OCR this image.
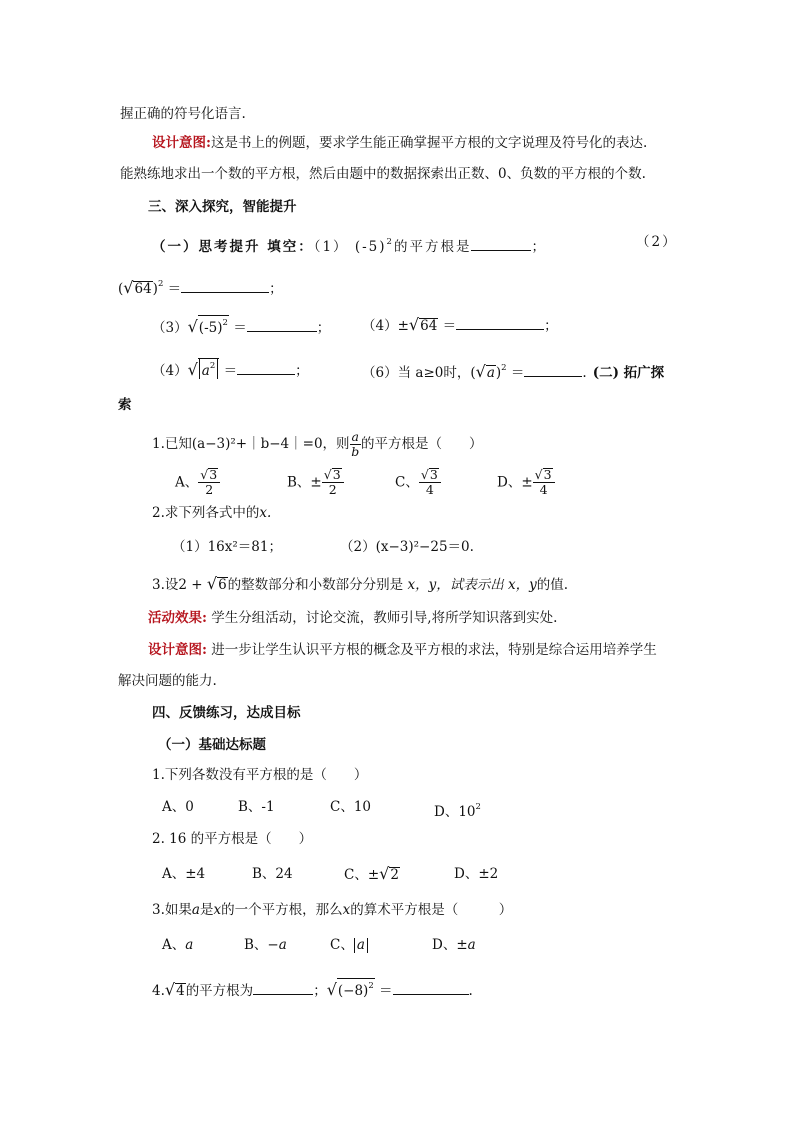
握正确的符号化语言.
设计意图:这是书上的例题，要求学生能正确掌握平方根的文字说理及符号化的表达.
能熟练地求出一个数的平方根，然后由题中的数据探索出正数、0、负数的平方根的个数.
三、深入探究，智能提升
（一）思考提升 填空：（1） $(-5)^2$的平方根是	；	（2）
$(√64)^2$ ＝	；
$(3)√(-5)^2$ ＝	； （4）±√64 ＝	；
（4）√ $a^2$ ＝	；	（6）当 a≥0时，$(√a)^2$ ＝	. (二) 拓广探
索
1.已知(a−3)²+｜b−4｜=0，则 $\frac{a}{b}$ 的平方根是（　　）
A、 $\frac{√3}{2}$	B、± $\frac{√3}{2}$	C、 $\frac{√3}{4}$	D、± $\frac{√3}{4}$
2.求下列各式中的x.
（1）16x²＝81；	（2）(x−3)²−25＝0.
3.设2 + √6的整数部分和小数部分分别是 x，y，试表示出 x，y的值.
活动效果: 学生分组活动，讨论交流，教师引导,将所学知识落到实处.
设计意图: 进一步让学生认识平方根的概念及平方根的求法，特别是综合运用培养学生
解决问题的能力.
四、反馈练习，达成目标
（一）基础达标题
1.下列各数没有平方根的是（　　）
A、0	B、-1	C、10	D、$10^2$
2. 16 的平方根是（　　）
A、±4	B、24	C、±√2	D、±2
3.如果a是x的一个平方根，那么x的算术平方根是（　　　）
A、a	B、−a	C、 a	D、±a
4.√4的平方根为	；$√(-8)^2$ ＝	.
